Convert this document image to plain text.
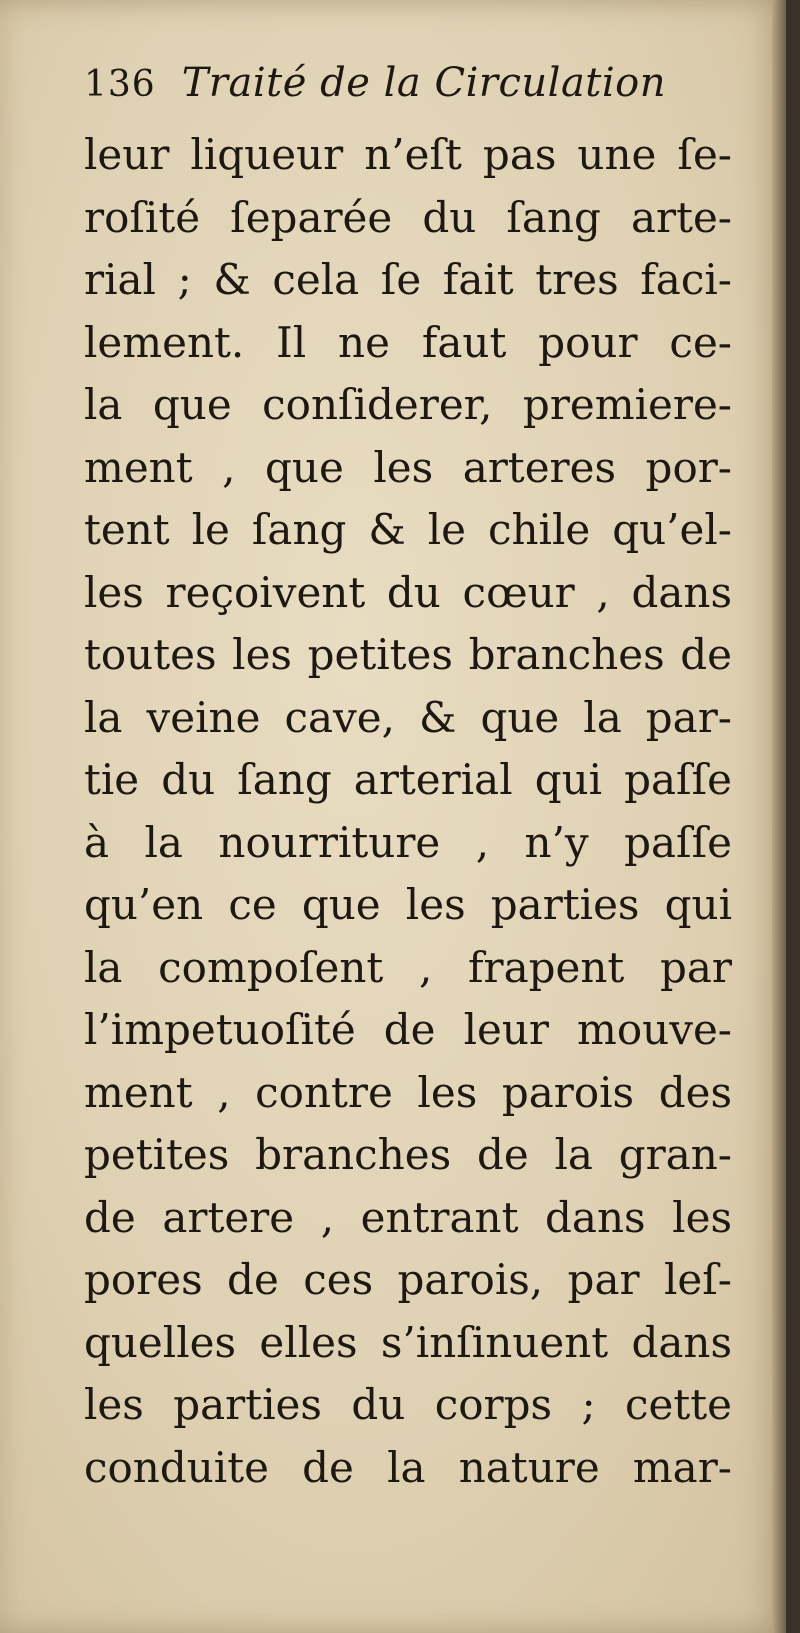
136 Traité de la Circulation
leur liqueur n’eſt pas une ſe-
roſité ſeparée du ſang arte-
rial ; & cela ſe fait tres faci-
lement. Il ne faut pour ce-
la que conſiderer, premiere-
ment , que les arteres por-
tent le ſang & le chile qu’el-
les reçoivent du cœur , dans
toutes les petites branches de
la veine cave, & que la par-
tie du ſang arterial qui paſſe
à la nourriture , n’y paſſe
qu’en ce que les parties qui
la compoſent , frapent par
l’impetuoſité de leur mouve-
ment , contre les parois des
petites branches de la gran-
de artere , entrant dans les
pores de ces parois, par leſ-
quelles elles s’inſinuent dans
les parties du corps ; cette
conduite de la nature mar-
